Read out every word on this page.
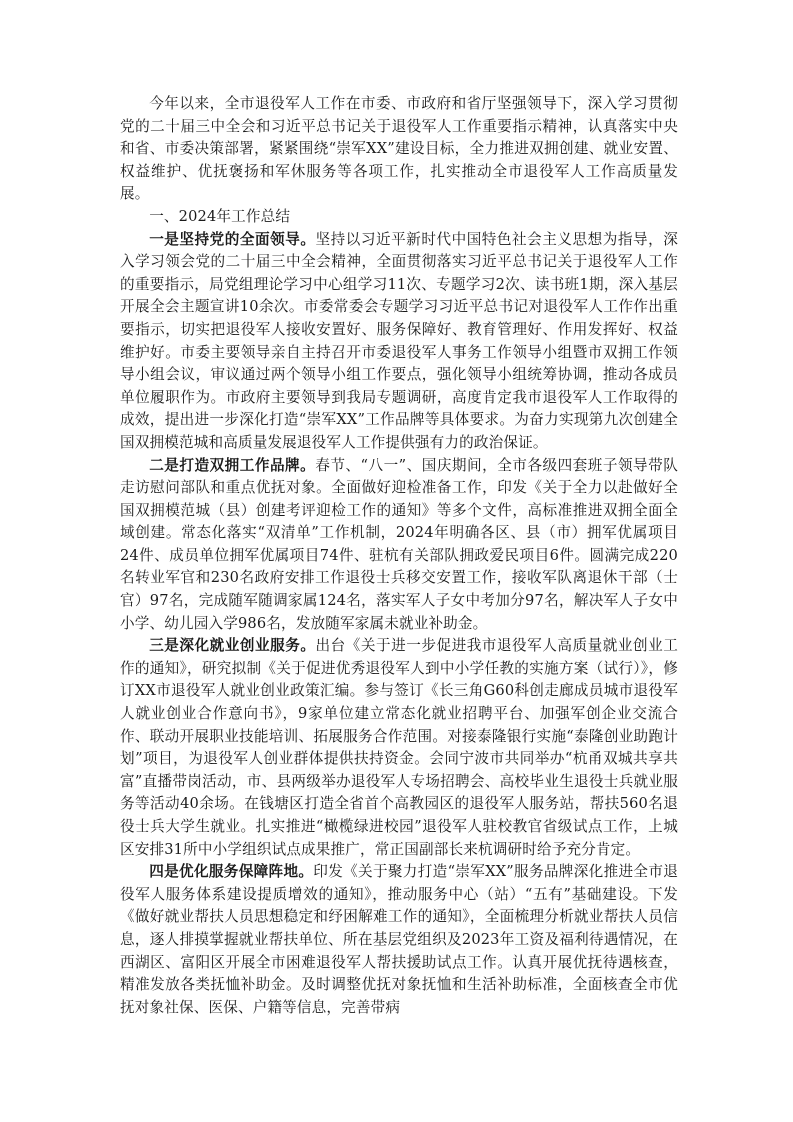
今年以来，全市退役军人工作在市委、市政府和省厅坚强领导下，深入学习贯彻党的二十届三中全会和习近平总书记关于退役军人工作重要指示精神，认真落实中央和省、市委决策部署，紧紧围绕“崇军XX”建设目标，全力推进双拥创建、就业安置、权益维护、优抚褒扬和军休服务等各项工作，扎实推动全市退役军人工作高质量发展。

一、2024年工作总结

一是坚持党的全面领导。坚持以习近平新时代中国特色社会主义思想为指导，深入学习领会党的二十届三中全会精神，全面贯彻落实习近平总书记关于退役军人工作的重要指示，局党组理论学习中心组学习11次、专题学习2次、读书班1期，深入基层开展全会主题宣讲10余次。市委常委会专题学习习近平总书记对退役军人工作作出重要指示，切实把退役军人接收安置好、服务保障好、教育管理好、作用发挥好、权益维护好。市委主要领导亲自主持召开市委退役军人事务工作领导小组暨市双拥工作领导小组会议，审议通过两个领导小组工作要点，强化领导小组统筹协调，推动各成员单位履职作为。市政府主要领导到我局专题调研，高度肯定我市退役军人工作取得的成效，提出进一步深化打造“崇军XX”工作品牌等具体要求。为奋力实现第九次创建全国双拥模范城和高质量发展退役军人工作提供强有力的政治保证。

二是打造双拥工作品牌。春节、“八一”、国庆期间，全市各级四套班子领导带队走访慰问部队和重点优抚对象。全面做好迎检准备工作，印发《关于全力以赴做好全国双拥模范城（县）创建考评迎检工作的通知》等多个文件，高标准推进双拥全面全域创建。常态化落实“双清单”工作机制，2024年明确各区、县（市）拥军优属项目24件、成员单位拥军优属项目74件、驻杭有关部队拥政爱民项目6件。圆满完成220名转业军官和230名政府安排工作退役士兵移交安置工作，接收军队离退休干部（士官）97名，完成随军随调家属124名，落实军人子女中考加分97名，解决军人子女中小学、幼儿园入学986名，发放随军家属未就业补助金。

三是深化就业创业服务。出台《关于进一步促进我市退役军人高质量就业创业工作的通知》，研究拟制《关于促进优秀退役军人到中小学任教的实施方案（试行）》，修订XX市退役军人就业创业政策汇编。参与签订《长三角G60科创走廊成员城市退役军人就业创业合作意向书》，9家单位建立常态化就业招聘平台、加强军创企业交流合作、联动开展职业技能培训、拓展服务合作范围。对接泰隆银行实施“泰隆创业助跑计划”项目，为退役军人创业群体提供扶持资金。会同宁波市共同举办“杭甬双城共享共富”直播带岗活动，市、县两级举办退役军人专场招聘会、高校毕业生退役士兵就业服务等活动40余场。在钱塘区打造全省首个高教园区的退役军人服务站，帮扶560名退役士兵大学生就业。扎实推进“橄榄绿进校园”退役军人驻校教官省级试点工作，上城区安排31所中小学组织试点成果推广，常正国副部长来杭调研时给予充分肯定。

四是优化服务保障阵地。印发《关于聚力打造“崇军XX”服务品牌深化推进全市退役军人服务体系建设提质增效的通知》，推动服务中心（站）“五有”基础建设。下发《做好就业帮扶人员思想稳定和纾困解难工作的通知》，全面梳理分析就业帮扶人员信息，逐人排摸掌握就业帮扶单位、所在基层党组织及2023年工资及福利待遇情况，在西湖区、富阳区开展全市困难退役军人帮扶援助试点工作。认真开展优抚待遇核查，精准发放各类抚恤补助金。及时调整优抚对象抚恤和生活补助标准，全面核查全市优抚对象社保、医保、户籍等信息，完善带病
